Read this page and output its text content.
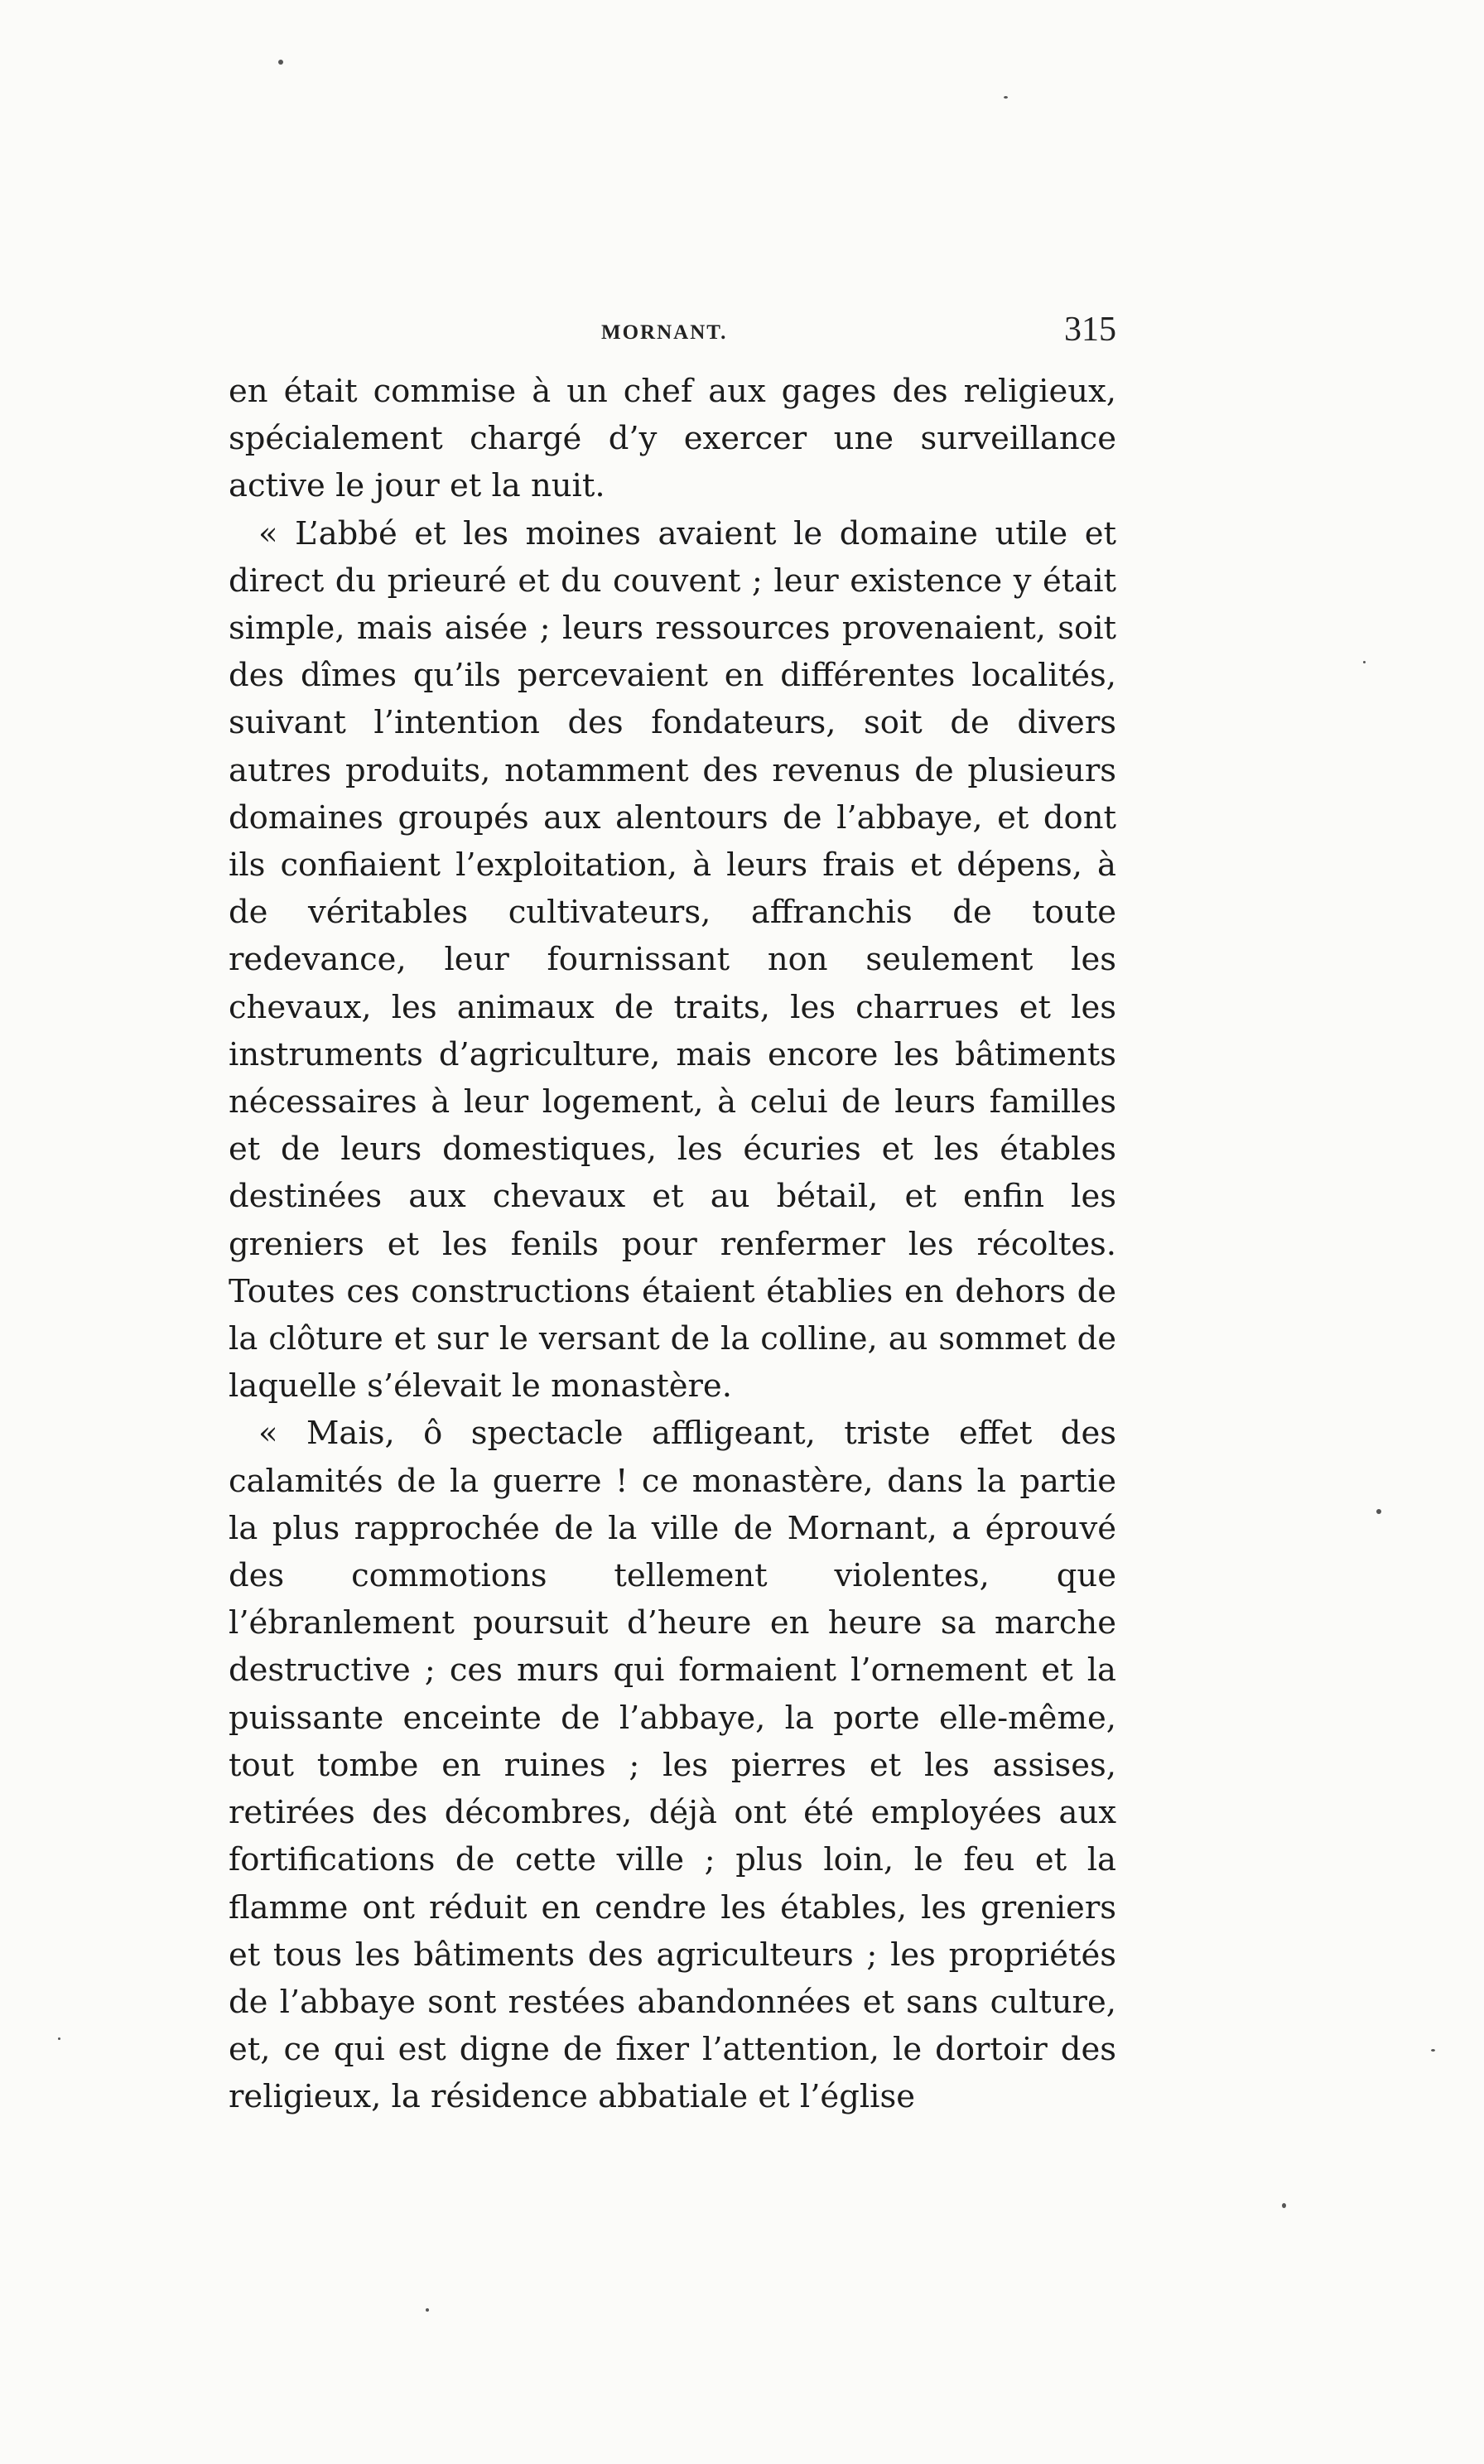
MORNANT.	315

en était commise à un chef aux gages des religieux, spécialement chargé d’y exercer une surveillance active le jour et la nuit.

« L’abbé et les moines avaient le domaine utile et direct du prieuré et du couvent ; leur existence y était simple, mais aisée ; leurs ressources provenaient, soit des dîmes qu’ils percevaient en différentes localités, suivant l’intention des fondateurs, soit de divers autres produits, notamment des revenus de plusieurs domaines groupés aux alentours de l’abbaye, et dont ils confiaient l’exploitation, à leurs frais et dépens, à de véritables cultivateurs, affranchis de toute redevance, leur fournissant non seulement les chevaux, les animaux de traits, les charrues et les instruments d’agriculture, mais encore les bâtiments nécessaires à leur logement, à celui de leurs familles et de leurs domestiques, les écuries et les étables destinées aux chevaux et au bétail, et enfin les greniers et les fenils pour renfermer les récoltes. Toutes ces constructions étaient établies en dehors de la clôture et sur le versant de la colline, au sommet de laquelle s’élevait le monastère.

« Mais, ô spectacle affligeant, triste effet des calamités de la guerre ! ce monastère, dans la partie la plus rapprochée de la ville de Mornant, a éprouvé des commotions tellement violentes, que l’ébranlement poursuit d’heure en heure sa marche destructive ; ces murs qui formaient l’ornement et la puissante enceinte de l’abbaye, la porte elle-même, tout tombe en ruines ; les pierres et les assises, retirées des décombres, déjà ont été employées aux fortifications de cette ville ; plus loin, le feu et la flamme ont réduit en cendre les étables, les greniers et tous les bâtiments des agriculteurs ; les propriétés de l’abbaye sont restées abandonnées et sans culture, et, ce qui est digne de fixer l’attention, le dortoir des religieux, la résidence abbatiale et l’église
